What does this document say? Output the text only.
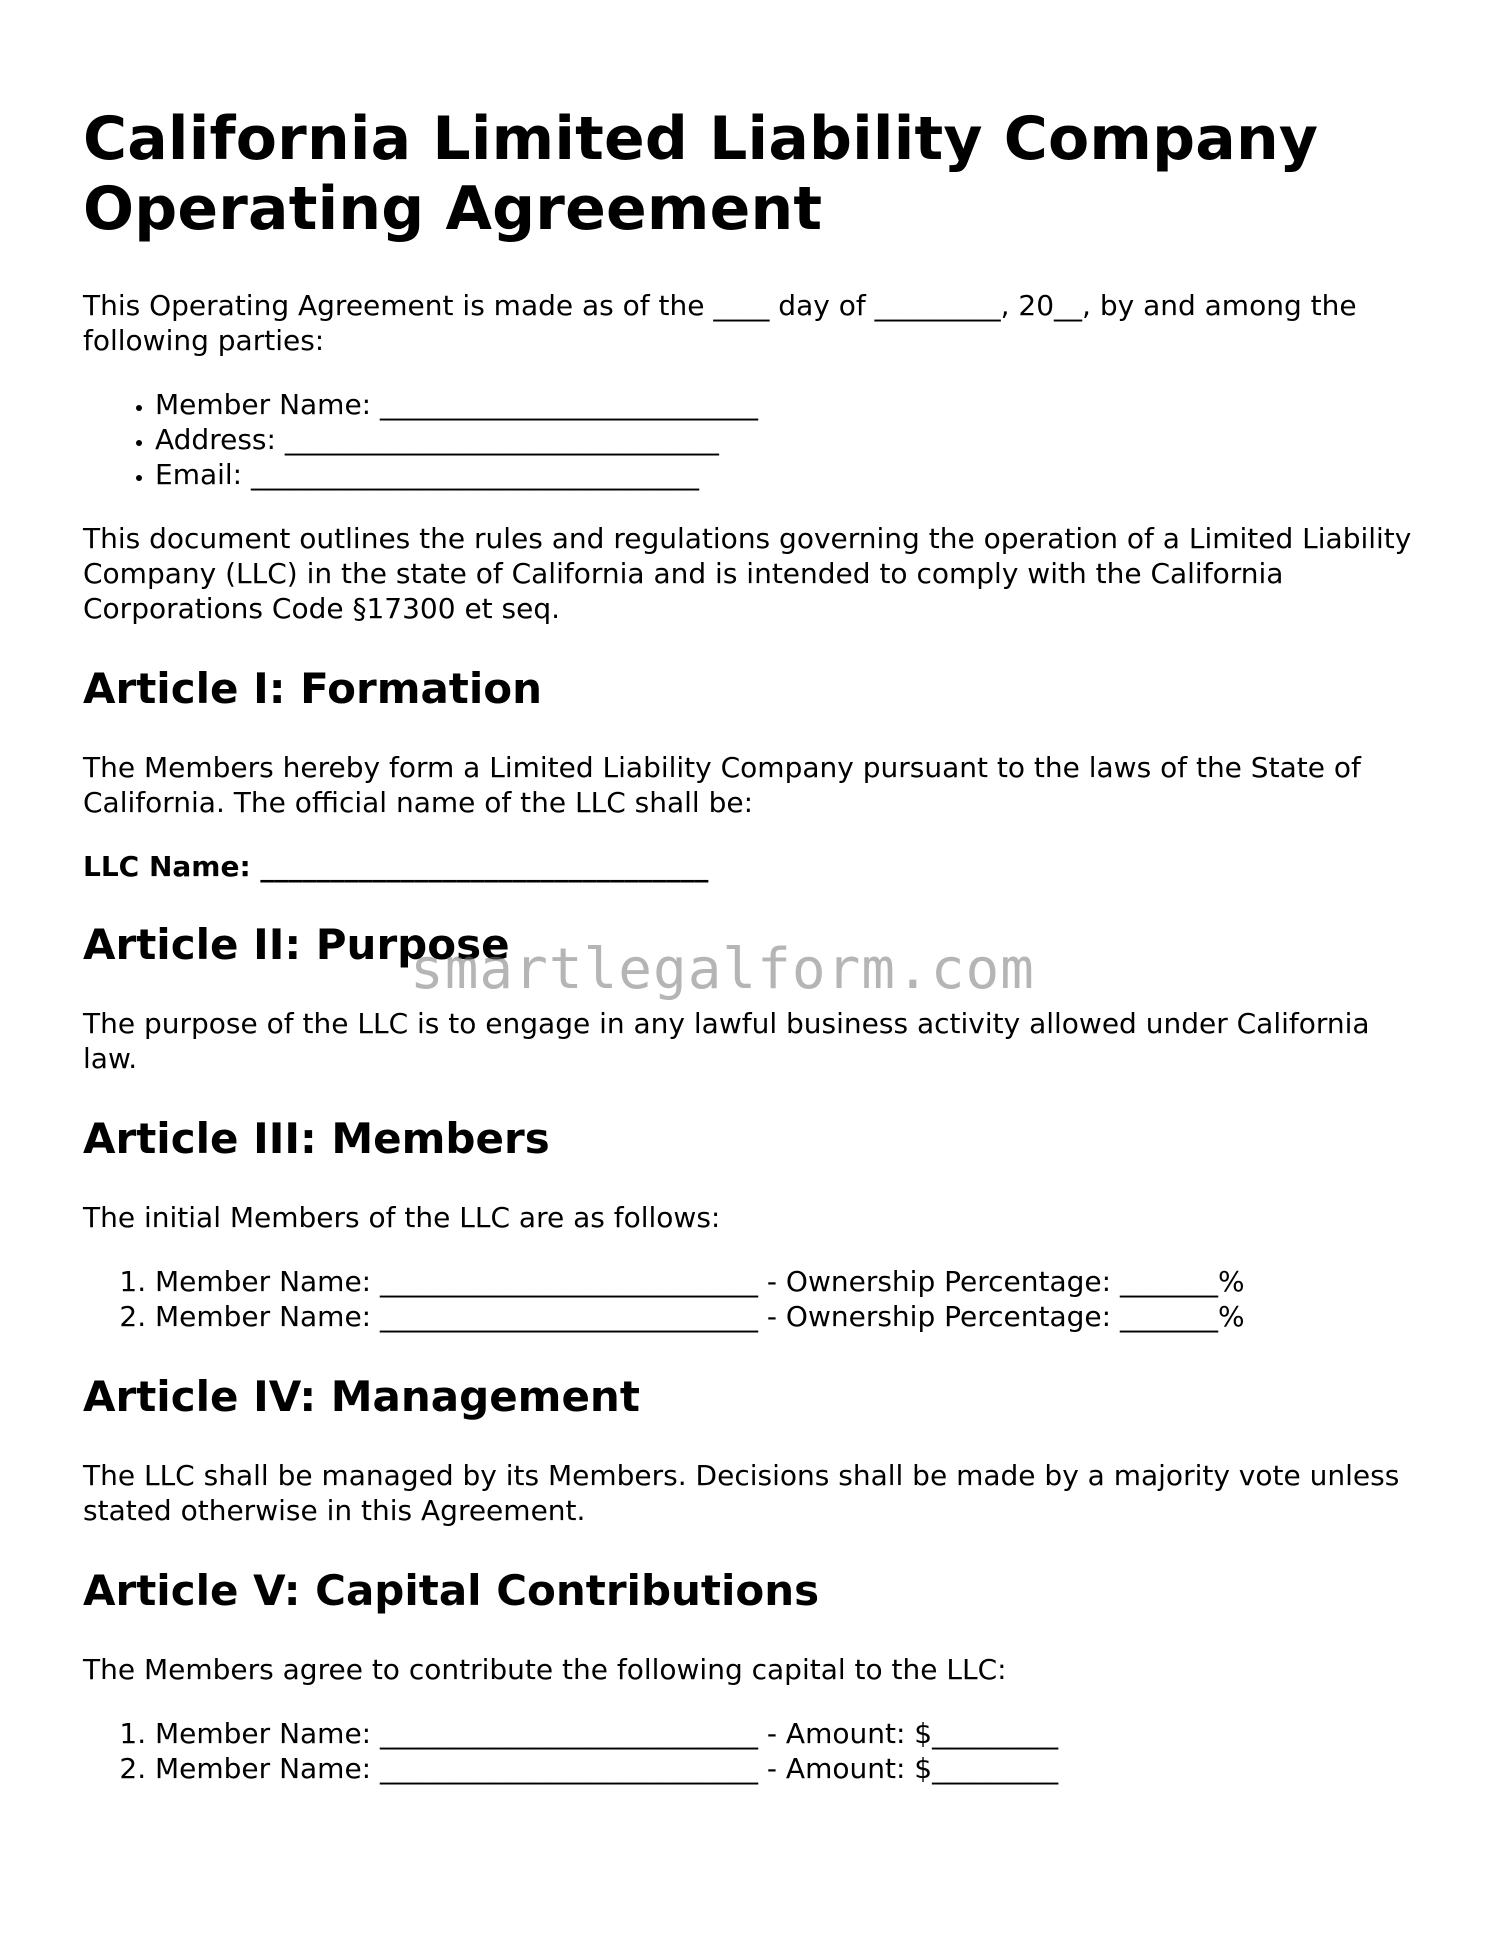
California Limited Liability Company Operating Agreement

This Operating Agreement is made as of the ____ day of _________, 20__, by and among the following parties:

• Member Name: ___________________________
• Address: _______________________________
• Email: ________________________________

This document outlines the rules and regulations governing the operation of a Limited Liability Company (LLC) in the state of California and is intended to comply with the California Corporations Code §17300 et seq.

Article I: Formation

The Members hereby form a Limited Liability Company pursuant to the laws of the State of California. The official name of the LLC shall be:

LLC Name: ________________________________
Article II: Purpose

The purpose of the LLC is to engage in any lawful business activity allowed under California law.

Article III: Members

The initial Members of the LLC are as follows:

1. Member Name: ___________________________ - Ownership Percentage: _______%
2. Member Name: ___________________________ - Ownership Percentage: _______%
Article IV: Management

The LLC shall be managed by its Members. Decisions shall be made by a majority vote unless stated otherwise in this Agreement.

Article V: Capital Contributions

The Members agree to contribute the following capital to the LLC:

1. Member Name: ___________________________ - Amount: $_________
2. Member Name: ___________________________ - Amount: $_________
smartlegalform.com
